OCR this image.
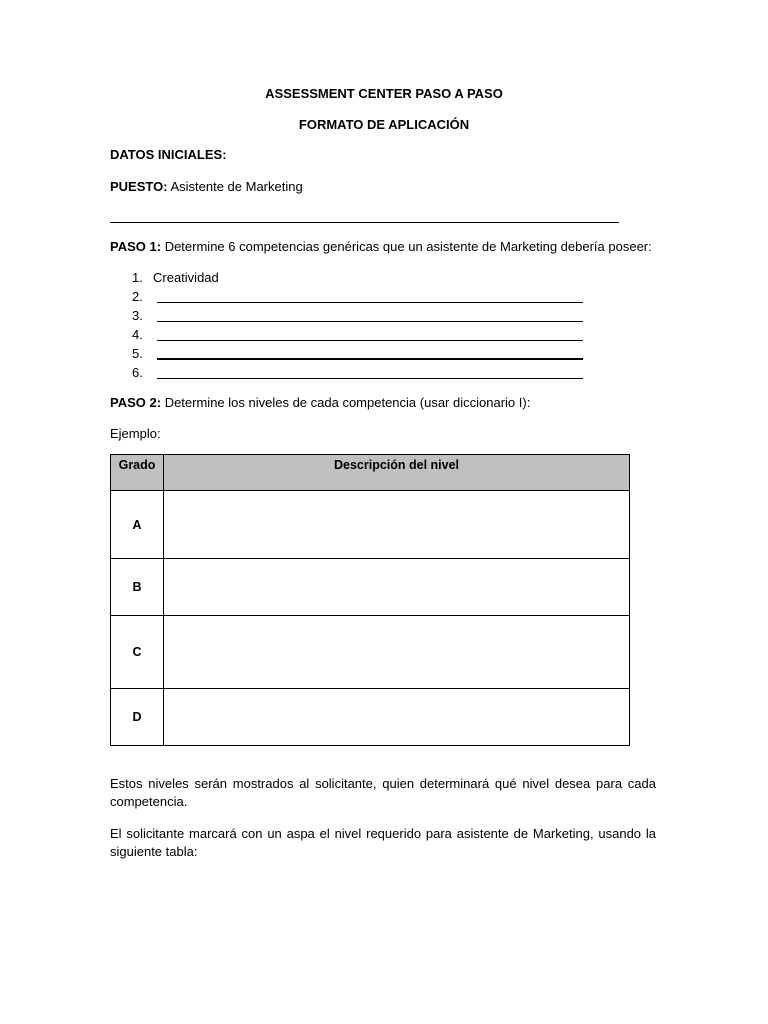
ASSESSMENT CENTER PASO A PASO
FORMATO DE APLICACIÓN
DATOS INICIALES:
PUESTO: Asistente de Marketing
PASO 1: Determine 6 competencias genéricas que un asistente de Marketing debería poseer:
1. Creatividad
2.
3.
4.
5.
6.
PASO 2: Determine los niveles de cada competencia (usar diccionario I):
Ejemplo:
Grado	Descripción del nivel
A	
B	
C	
D	
Estos niveles serán mostrados al solicitante, quien determinará qué nivel desea para cada competencia.
El solicitante marcará con un aspa el nivel requerido para asistente de Marketing, usando la siguiente tabla:
